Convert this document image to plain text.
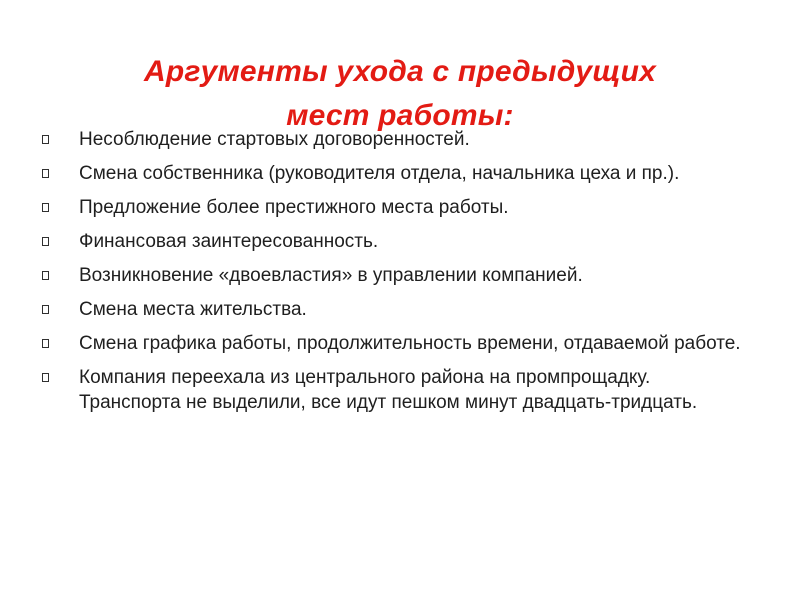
Аргументы ухода с предыдущих
мест работы:
Несоблюдение стартовых договоренностей.
Смена собственника (руководителя отдела, начальника цеха и пр.).
Предложение более престижного места работы.
Финансовая заинтересованность.
Возникновение «двоевластия» в управлении компанией.
Смена места жительства.
Смена графика работы, продолжительность времени, отдаваемой работе.
Компания переехала из центрального района на промпрощадку. Транспорта не выделили, все идут пешком минут двадцать-тридцать.
